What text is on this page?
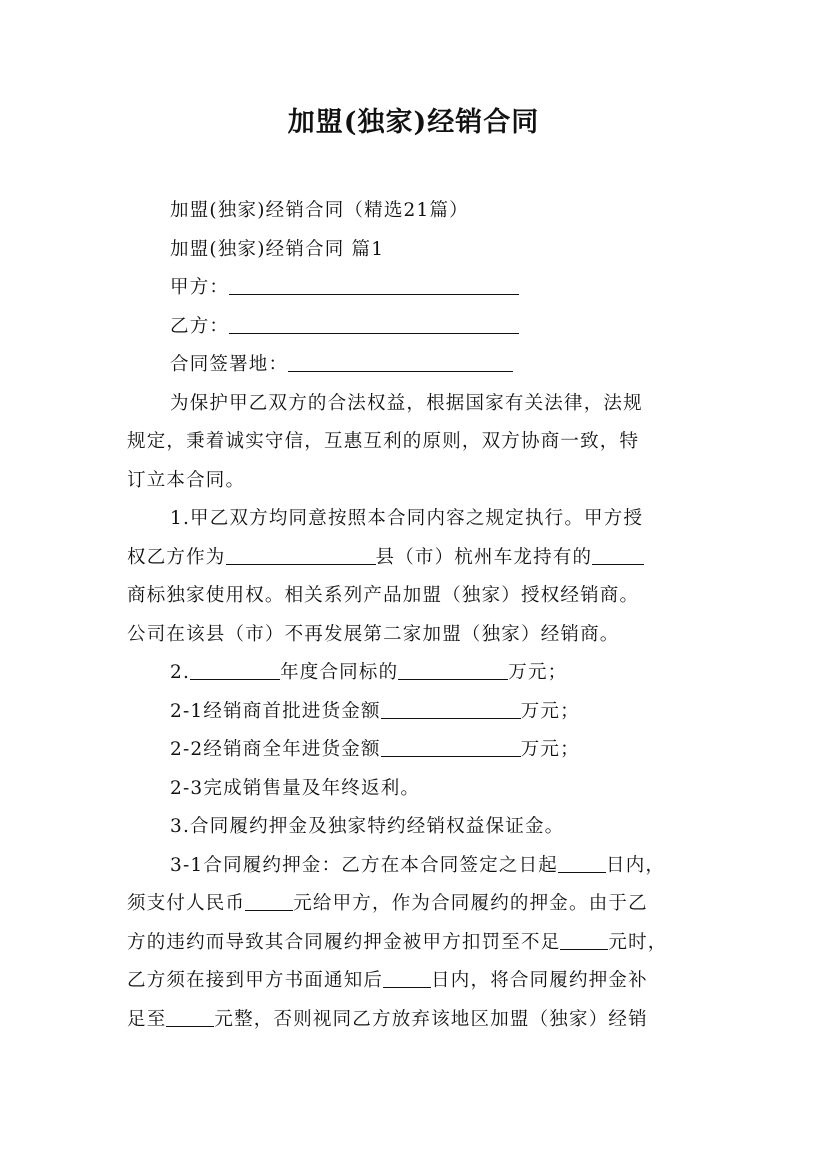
加盟(独家)经销合同
加盟(独家)经销合同（精选21篇）
加盟(独家)经销合同 篇1
甲方：
乙方：
合同签署地：
为保护甲乙双方的合法权益，根据国家有关法律，法规
规定，秉着诚实守信，互惠互利的原则，双方协商一致，特
订立本合同。
1.甲乙双方均同意按照本合同内容之规定执行。甲方授
权乙方作为	县（市）杭州车龙持有的
商标独家使用权。相关系列产品加盟（独家）授权经销商。
公司在该县（市）不再发展第二家加盟（独家）经销商。
2.	年度合同标的	万元；
2-1经销商首批进货金额	万元；
2-2经销商全年进货金额	万元；
2-3完成销售量及年终返利。
3.合同履约押金及独家特约经销权益保证金。
3-1合同履约押金：乙方在本合同签定之日起	日内，
须支付人民币	元给甲方，作为合同履约的押金。由于乙
方的违约而导致其合同履约押金被甲方扣罚至不足	元时，
乙方须在接到甲方书面通知后	日内，将合同履约押金补
足至	元整，否则视同乙方放弃该地区加盟（独家）经销
